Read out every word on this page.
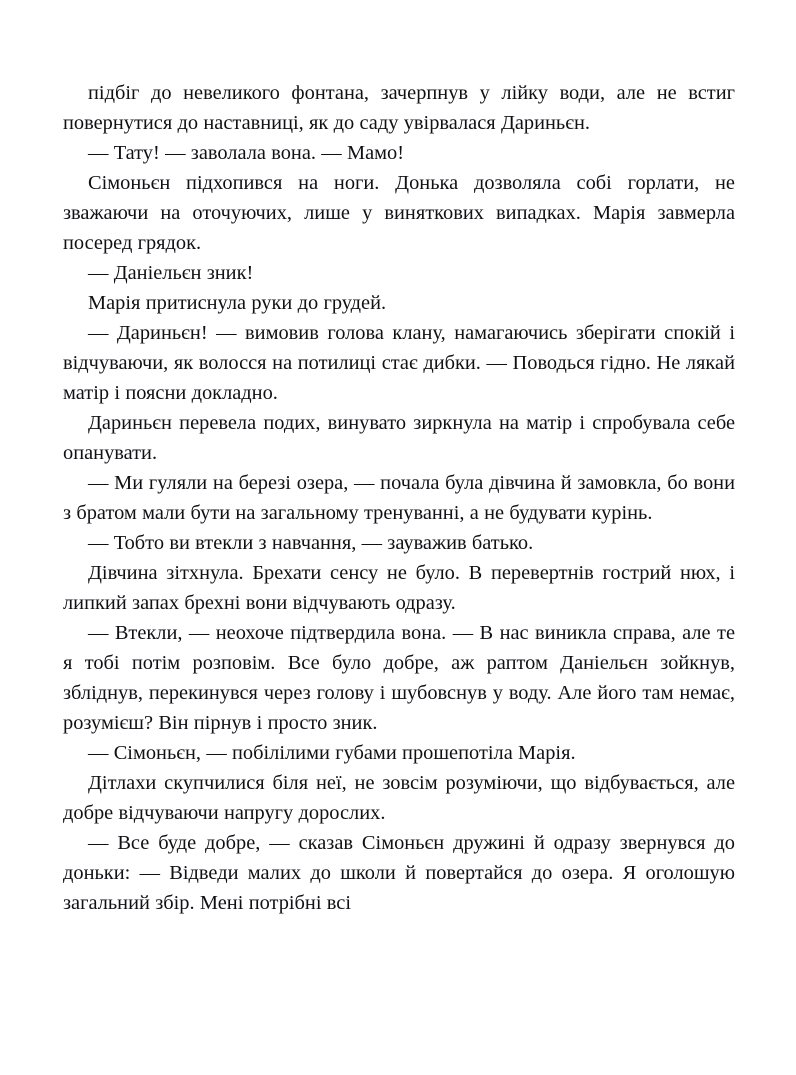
підбіг до невеликого фонтана, зачерпнув у лійку води, але не встиг повернутися до наставниці, як до саду увірвалася Дариньєн.

— Тату! — заволала вона. — Мамо!

Сімоньєн підхопився на ноги. Донька дозволяла собі горлати, не зважаючи на оточуючих, лише у виняткових випадках. Марія завмерла посеред грядок.

— Даніельєн зник!

Марія притиснула руки до грудей.

— Дариньєн! — вимовив голова клану, намагаючись зберігати спокій і відчуваючи, як волосся на потилиці стає дибки. — Поводься гідно. Не лякай матір і поясни докладно.

Дариньєн перевела подих, винувато зиркнула на матір і спробувала себе опанувати.

— Ми гуляли на березі озера, — почала була дівчина й замовкла, бо вони з братом мали бути на загальному тренуванні, а не будувати курінь.

— Тобто ви втекли з навчання, — зауважив батько.

Дівчина зітхнула. Брехати сенсу не було. В перевертнів гострий нюх, і липкий запах брехні вони відчувають одразу.

— Втекли, — неохоче підтвердила вона. — В нас виникла справа, але те я тобі потім розповім. Все було добре, аж раптом Даніельєн зойкнув, зблiднув, перекинувся через голову і шубовснув у воду. Але його там немає, розумієш? Він пірнув і просто зник.

— Сімоньєн, — побілілими губами прошепотіла Марія.

Дітлахи скупчилися біля неї, не зовсім розуміючи, що відбувається, але добре відчуваючи напругу дорослих.

— Все буде добре, — сказав Сімоньєн дружині й одразу звернувся до доньки: — Відведи малих до школи й повертайся до озера. Я оголошую загальний збір. Мені потрібні всі
